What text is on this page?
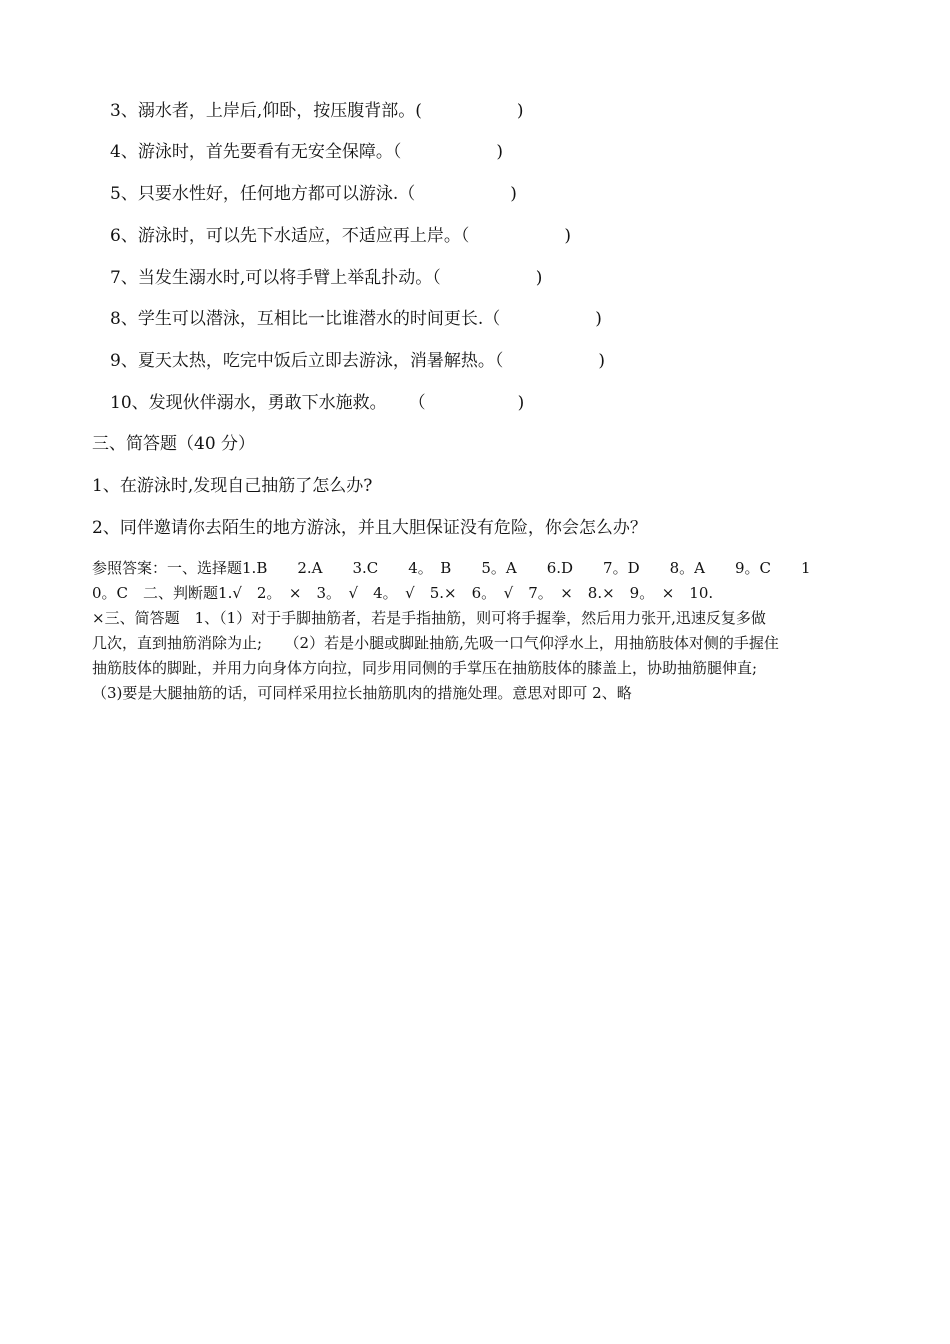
3、溺水者，上岸后,仰卧，按压腹背部。(	)
4、游泳时，首先要看有无安全保障。（	)
5、只要水性好，任何地方都可以游泳.（	)
6、游泳时，可以先下水适应，不适应再上岸。（	)
7、当发生溺水时,可以将手臂上举乱扑动。（	)
8、学生可以潜泳，互相比一比谁潜水的时间更长.（	)
9、夏天太热，吃完中饭后立即去游泳，消暑解热。（	)
10、发现伙伴溺水，勇敢下水施救。 （	)
三、简答题（40 分）
1、在游泳时,发现自己抽筋了怎么办?
2、同伴邀请你去陌生的地方游泳，并且大胆保证没有危险，你会怎么办？
参照答案：一、选择题1.B　　2.A　　3.C　　4。　B　　5。A　　6.D　　7。D　　8。A　　9。C　　1
0。C　二、判断题1.√　2。　×　3。　√　4。　√　5.×　6。　√　7。　×　8.×　9。　×　10.
×三、简答题　1、（1）对于手脚抽筋者，若是手指抽筋，则可将手握拳，然后用力张开,迅速反复多做
几次，直到抽筋消除为止;　　（2）若是小腿或脚趾抽筋,先吸一口气仰浮水上，用抽筋肢体对侧的手握住
抽筋肢体的脚趾，并用力向身体方向拉，同步用同侧的手掌压在抽筋肢体的膝盖上，协助抽筋腿伸直;
（3)要是大腿抽筋的话，可同样采用拉长抽筋肌肉的措施处理。意思对即可 2、略
